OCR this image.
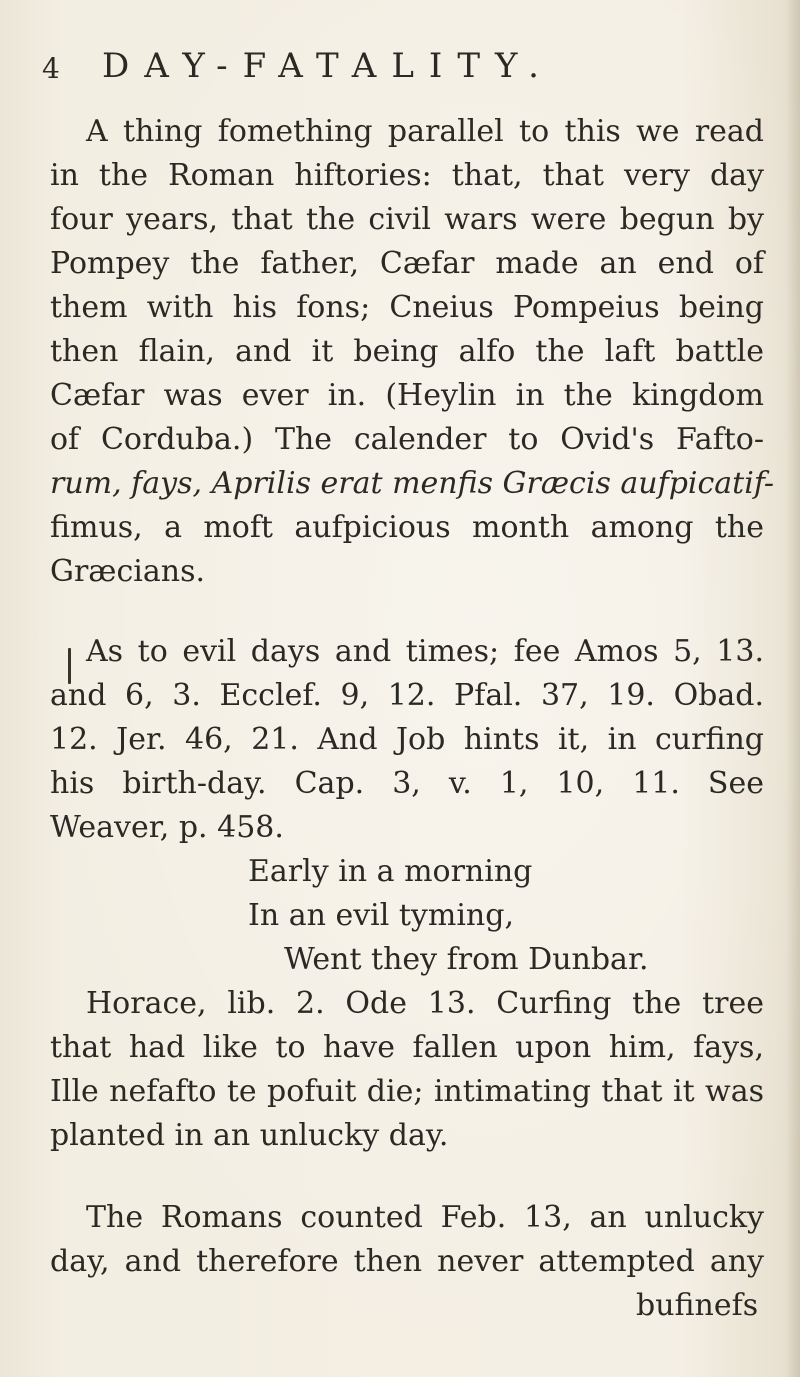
4 DAY-FATALITY.
A thing fomething parallel to this we read
in the Roman hiftories: that, that very day
four years, that the civil wars were begun by
Pompey the father, Cæfar made an end of
them with his fons; Cneius Pompeius being
then flain, and it being alfo the laft battle
Cæfar was ever in. (Heylin in the kingdom
of Corduba.) The calender to Ovid's Fafto-
rum, fays, Aprilis erat menfis Græcis aufpicatif-
fimus, a moft aufpicious month among the
Græcians.
As to evil days and times; fee Amos 5, 13.
and 6, 3. Ecclef. 9, 12. Pfal. 37, 19. Obad.
12. Jer. 46, 21. And Job hints it, in curfing
his birth-day. Cap. 3, v. 1, 10, 11. See
Weaver, p. 458.
Early in a morning
In an evil tyming,
Went they from Dunbar.
Horace, lib. 2. Ode 13. Curfing the tree
that had like to have fallen upon him, fays,
Ille nefafto te pofuit die; intimating that it was
planted in an unlucky day.
The Romans counted Feb. 13, an unlucky
day, and therefore then never attempted any
bufinefs
